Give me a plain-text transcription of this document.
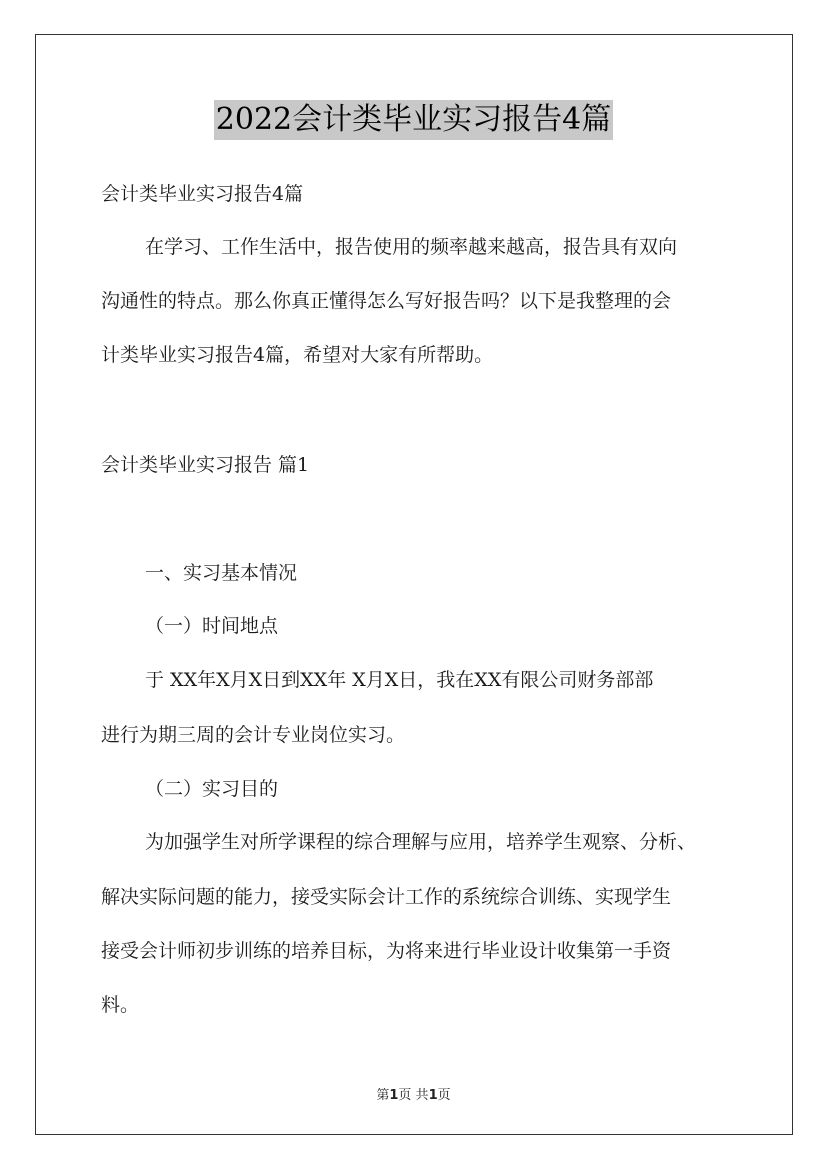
2022会计类毕业实习报告4篇
会计类毕业实习报告4篇
在学习、工作生活中，报告使用的频率越来越高，报告具有双向
沟通性的特点。那么你真正懂得怎么写好报告吗？以下是我整理的会
计类毕业实习报告4篇，希望对大家有所帮助。
会计类毕业实习报告 篇1
一、实习基本情况
（一）时间地点
于 XX年X月X日到XX年 X月X日，我在XX有限公司财务部部
进行为期三周的会计专业岗位实习。
（二）实习目的
为加强学生对所学课程的综合理解与应用，培养学生观察、分析、
解决实际问题的能力，接受实际会计工作的系统综合训练、实现学生
接受会计师初步训练的培养目标，为将来进行毕业设计收集第一手资
料。
第1页 共1页
